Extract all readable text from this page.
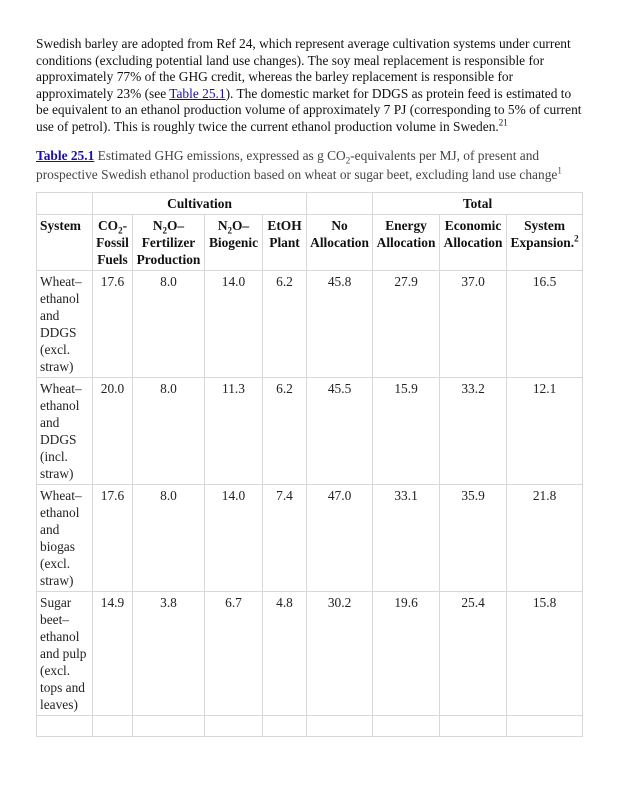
Swedish barley are adopted from Ref 24, which represent average cultivation systems under current conditions (excluding potential land use changes). The soy meal replacement is responsible for approximately 77% of the GHG credit, whereas the barley replacement is responsible for approximately 23% (see Table 25.1). The domestic market for DDGS as protein feed is estimated to be equivalent to an ethanol production volume of approximately 7 PJ (corresponding to 5% of current use of petrol). This is roughly twice the current ethanol production volume in Sweden.$^{21}$

Table 25.1 Estimated GHG emissions, expressed as g $CO_2$-equivalents per MJ, of present and prospective Swedish ethanol production based on wheat or sugar beet, excluding land use change$^1$

	Cultivation					Total		
System	$CO_2$-Fossil Fuels	$N_2O$–Fertilizer Production	$N_2O$–Biogenic	EtOH Plant	No Allocation	Energy Allocation	Economic Allocation	System Expansion.$^2$
Wheat–ethanol and DDGS (excl. straw)	17.6	8.0	14.0	6.2	45.8	27.9	37.0	16.5
Wheat–ethanol and DDGS (incl. straw)	20.0	8.0	11.3	6.2	45.5	15.9	33.2	12.1
Wheat–ethanol and biogas (excl. straw)	17.6	8.0	14.0	7.4	47.0	33.1	35.9	21.8
Sugar beet–ethanol and pulp (excl. tops and leaves)	14.9	3.8	6.7	4.8	30.2	19.6	25.4	15.8
